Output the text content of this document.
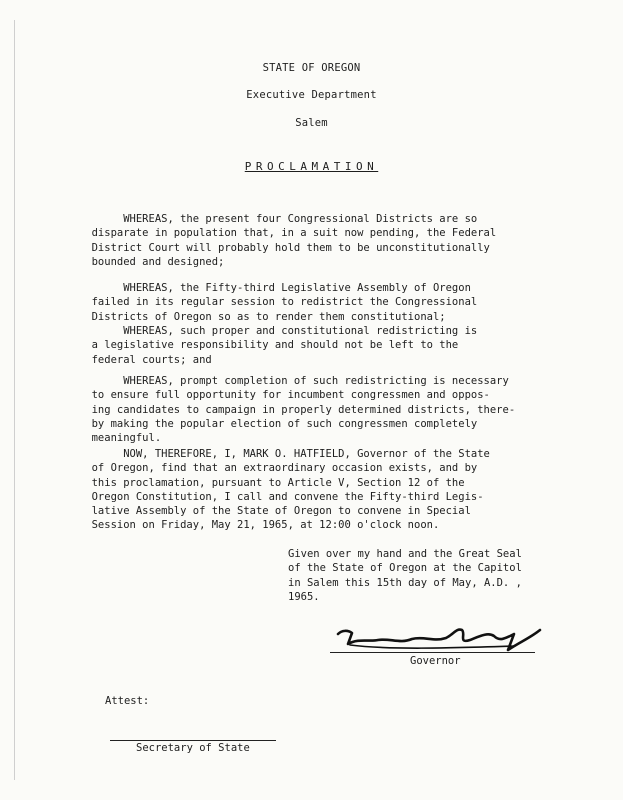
STATE OF OREGON
Executive Department
Salem
PROCLAMATION

WHEREAS, the present four Congressional Districts are so
disparate in population that, in a suit now pending, the Federal
District Court will probably hold them to be unconstitutionally
bounded and designed;

WHEREAS, the Fifty-third Legislative Assembly of Oregon
failed in its regular session to redistrict the Congressional
Districts of Oregon so as to render them constitutional;

WHEREAS, such proper and constitutional redistricting is
a legislative responsibility and should not be left to the
federal courts; and

WHEREAS, prompt completion of such redistricting is necessary
to ensure full opportunity for incumbent congressmen and oppos-
ing candidates to campaign in properly determined districts, there-
by making the popular election of such congressmen completely
meaningful.

NOW, THEREFORE, I, MARK O. HATFIELD, Governor of the State
of Oregon, find that an extraordinary occasion exists, and by
this proclamation, pursuant to Article V, Section 12 of the
Oregon Constitution, I call and convene the Fifty-third Legis-
lative Assembly of the State of Oregon to convene in Special
Session on Friday, May 21, 1965, at 12:00 o'clock noon.

Given over my hand and the Great Seal
of the State of Oregon at the Capitol
in Salem this 15th day of May, A.D. ,
1965.

Governor
Attest:
Secretary of State
